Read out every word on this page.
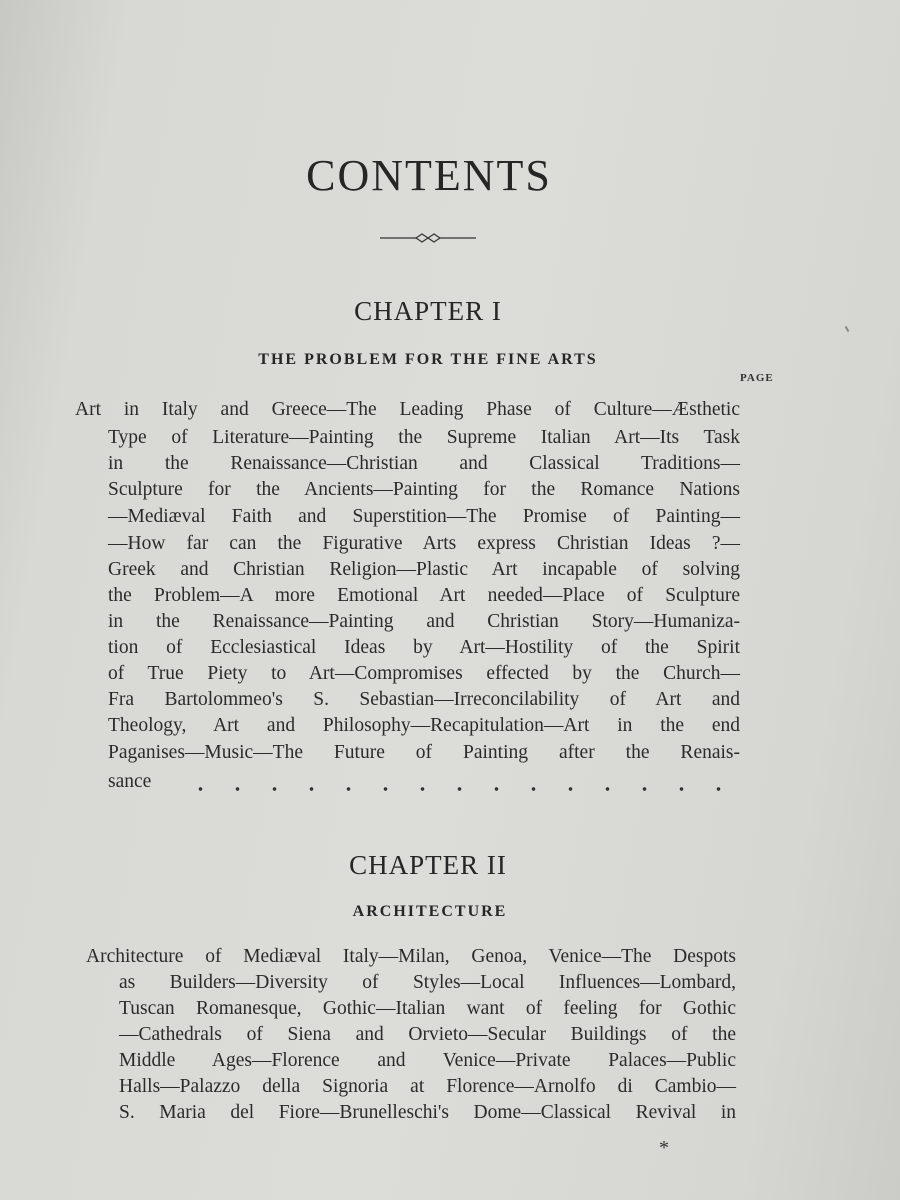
CONTENTS
CHAPTER I
THE PROBLEM FOR THE FINE ARTS
PAGE
Art in Italy and Greece—The Leading Phase of Culture—Æsthetic
Type of Literature—Painting the Supreme Italian Art—Its Task
in the Renaissance—Christian and Classical Traditions—
Sculpture for the Ancients—Painting for the Romance Nations
—Mediæval Faith and Superstition—The Promise of Painting—
—How far can the Figurative Arts express Christian Ideas ?—
Greek and Christian Religion—Plastic Art incapable of solving
the Problem—A more Emotional Art needed—Place of Sculpture
in the Renaissance—Painting and Christian Story—Humaniza-
tion of Ecclesiastical Ideas by Art—Hostility of the Spirit
of True Piety to Art—Compromises effected by the Church—
Fra Bartolommeo's S. Sebastian—Irreconcilability of Art and
Theology, Art and Philosophy—Recapitulation—Art in the end
Paganises—Music—The Future of Painting after the Renais-
sance
CHAPTER II
ARCHITECTURE
Architecture of Mediæval Italy—Milan, Genoa, Venice—The Despots
as Builders—Diversity of Styles—Local Influences—Lombard,
Tuscan Romanesque, Gothic—Italian want of feeling for Gothic
—Cathedrals of Siena and Orvieto—Secular Buildings of the
Middle Ages—Florence and Venice—Private Palaces—Public
Halls—Palazzo della Signoria at Florence—Arnolfo di Cambio—
S. Maria del Fiore—Brunelleschi's Dome—Classical Revival in
*
